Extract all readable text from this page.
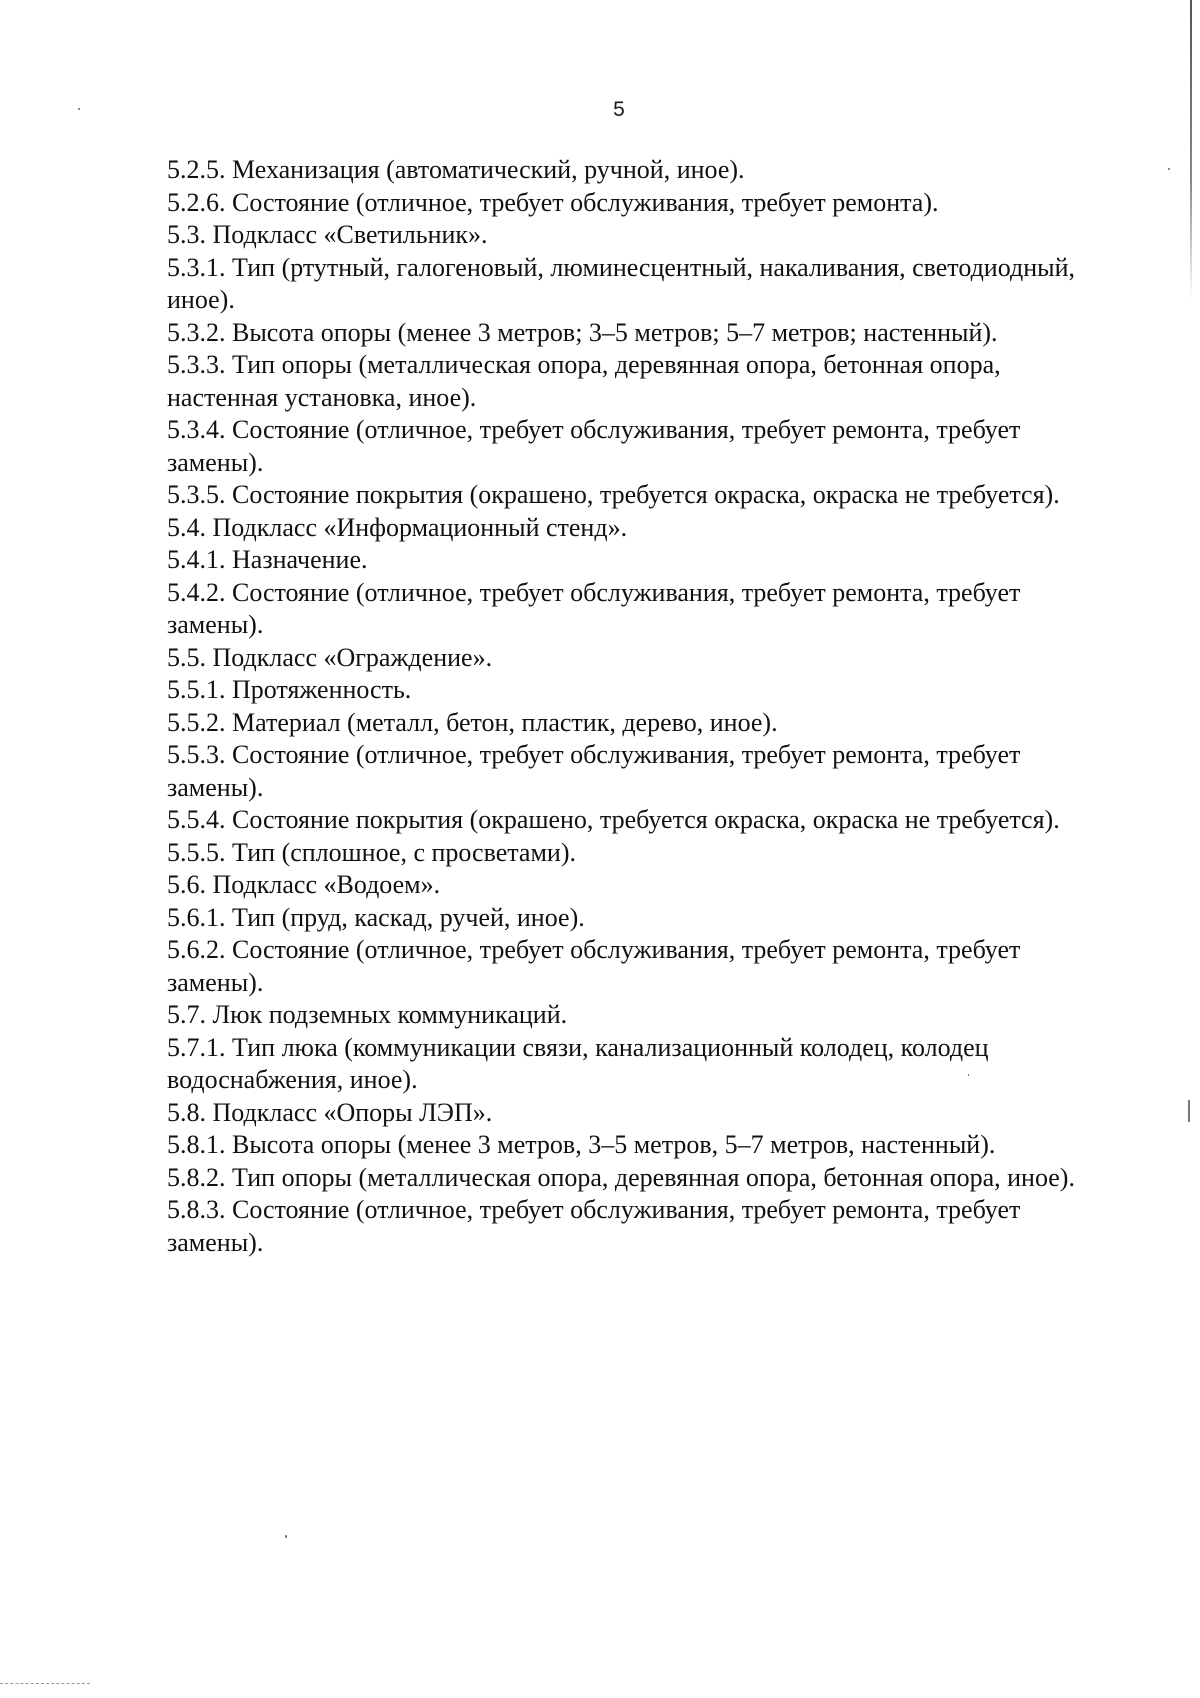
5

5.2.5. Механизация (автоматический, ручной, иное).

5.2.6. Состояние (отличное, требует обслуживания, требует ремонта).

5.3. Подкласс «Светильник».

5.3.1. Тип (ртутный, галогеновый, люминесцентный, накаливания, светодиодный, иное).

5.3.2. Высота опоры (менее 3 метров; 3–5 метров; 5–7 метров; настенный).

5.3.3. Тип опоры (металлическая опора, деревянная опора, бетонная опора, настенная установка, иное).

5.3.4. Состояние (отличное, требует обслуживания, требует ремонта, требует замены).

5.3.5. Состояние покрытия (окрашено, требуется окраска, окраска не требуется).

5.4. Подкласс «Информационный стенд».

5.4.1. Назначение.

5.4.2. Состояние (отличное, требует обслуживания, требует ремонта, требует замены).

5.5. Подкласс «Ограждение».

5.5.1. Протяженность.

5.5.2. Материал (металл, бетон, пластик, дерево, иное).

5.5.3. Состояние (отличное, требует обслуживания, требует ремонта, требует замены).

5.5.4. Состояние покрытия (окрашено, требуется окраска, окраска не требуется).

5.5.5. Тип (сплошное, с просветами).

5.6. Подкласс «Водоем».

5.6.1. Тип (пруд, каскад, ручей, иное).

5.6.2. Состояние (отличное, требует обслуживания, требует ремонта, требует замены).

5.7. Люк подземных коммуникаций.

5.7.1. Тип люка (коммуникации связи, канализационный колодец, колодец водоснабжения, иное).

5.8. Подкласс «Опоры ЛЭП».

5.8.1. Высота опоры (менее 3 метров, 3–5 метров, 5–7 метров, настенный).

5.8.2. Тип опоры (металлическая опора, деревянная опора, бетонная опора, иное).

5.8.3. Состояние (отличное, требует обслуживания, требует ремонта, требует замены).
